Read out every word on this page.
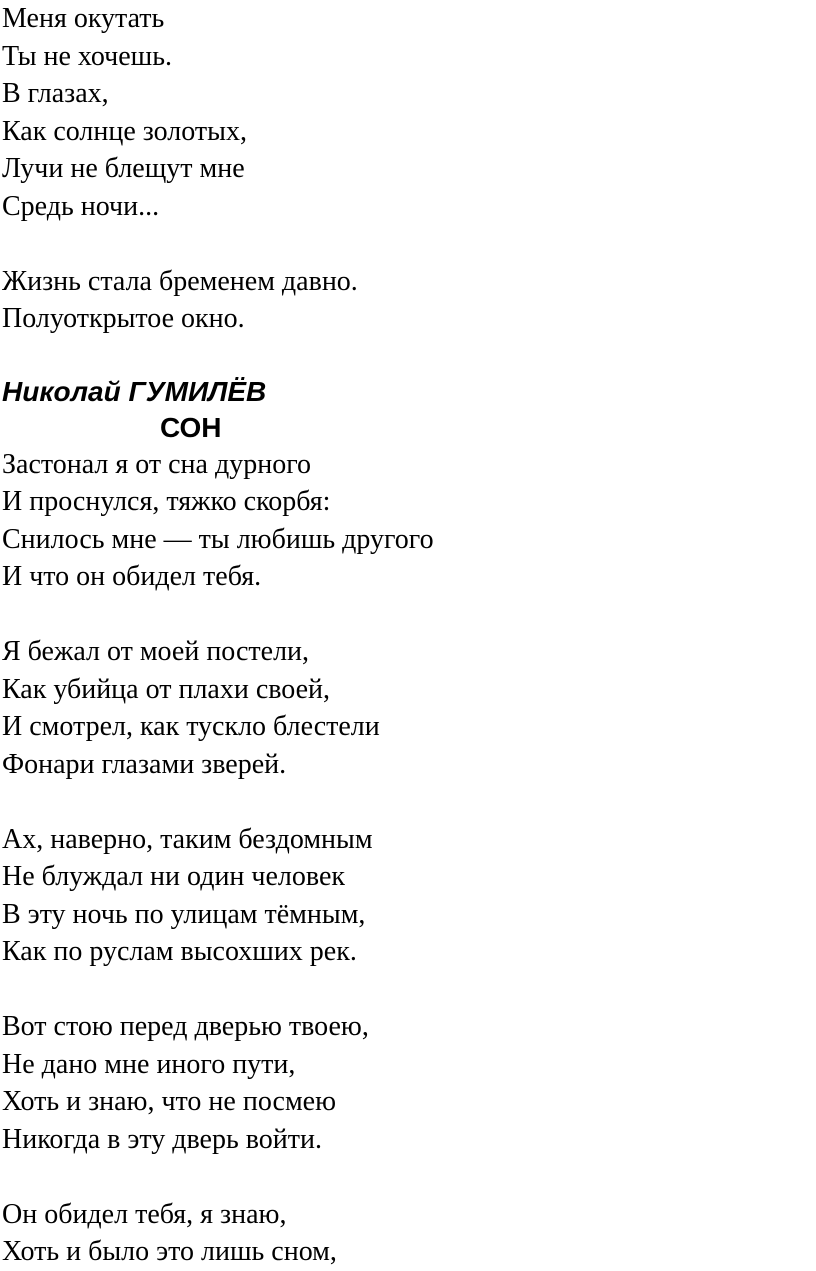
Меня окутать

Ты не хочешь.

В глазах,

Как солнце золотых,

Лучи не блещут мне

Средь ночи...

Жизнь стала бременем давно.

Полуоткрытое окно.

Николай ГУМИЛЁВ

СОН

Застонал я от сна дурного

И проснулся, тяжко скорбя:

Снилось мне — ты любишь другого

И что он обидел тебя.

Я бежал от моей постели,

Как убийца от плахи своей,

И смотрел, как тускло блестели

Фонари глазами зверей.

Ах, наверно, таким бездомным

Не блуждал ни один человек

В эту ночь по улицам тёмным,

Как по руслам высохших рек.

Вот стою перед дверью твоею,

Не дано мне иного пути,

Хоть и знаю, что не посмею

Никогда в эту дверь войти.

Он обидел тебя, я знаю,

Хоть и было это лишь сном,
